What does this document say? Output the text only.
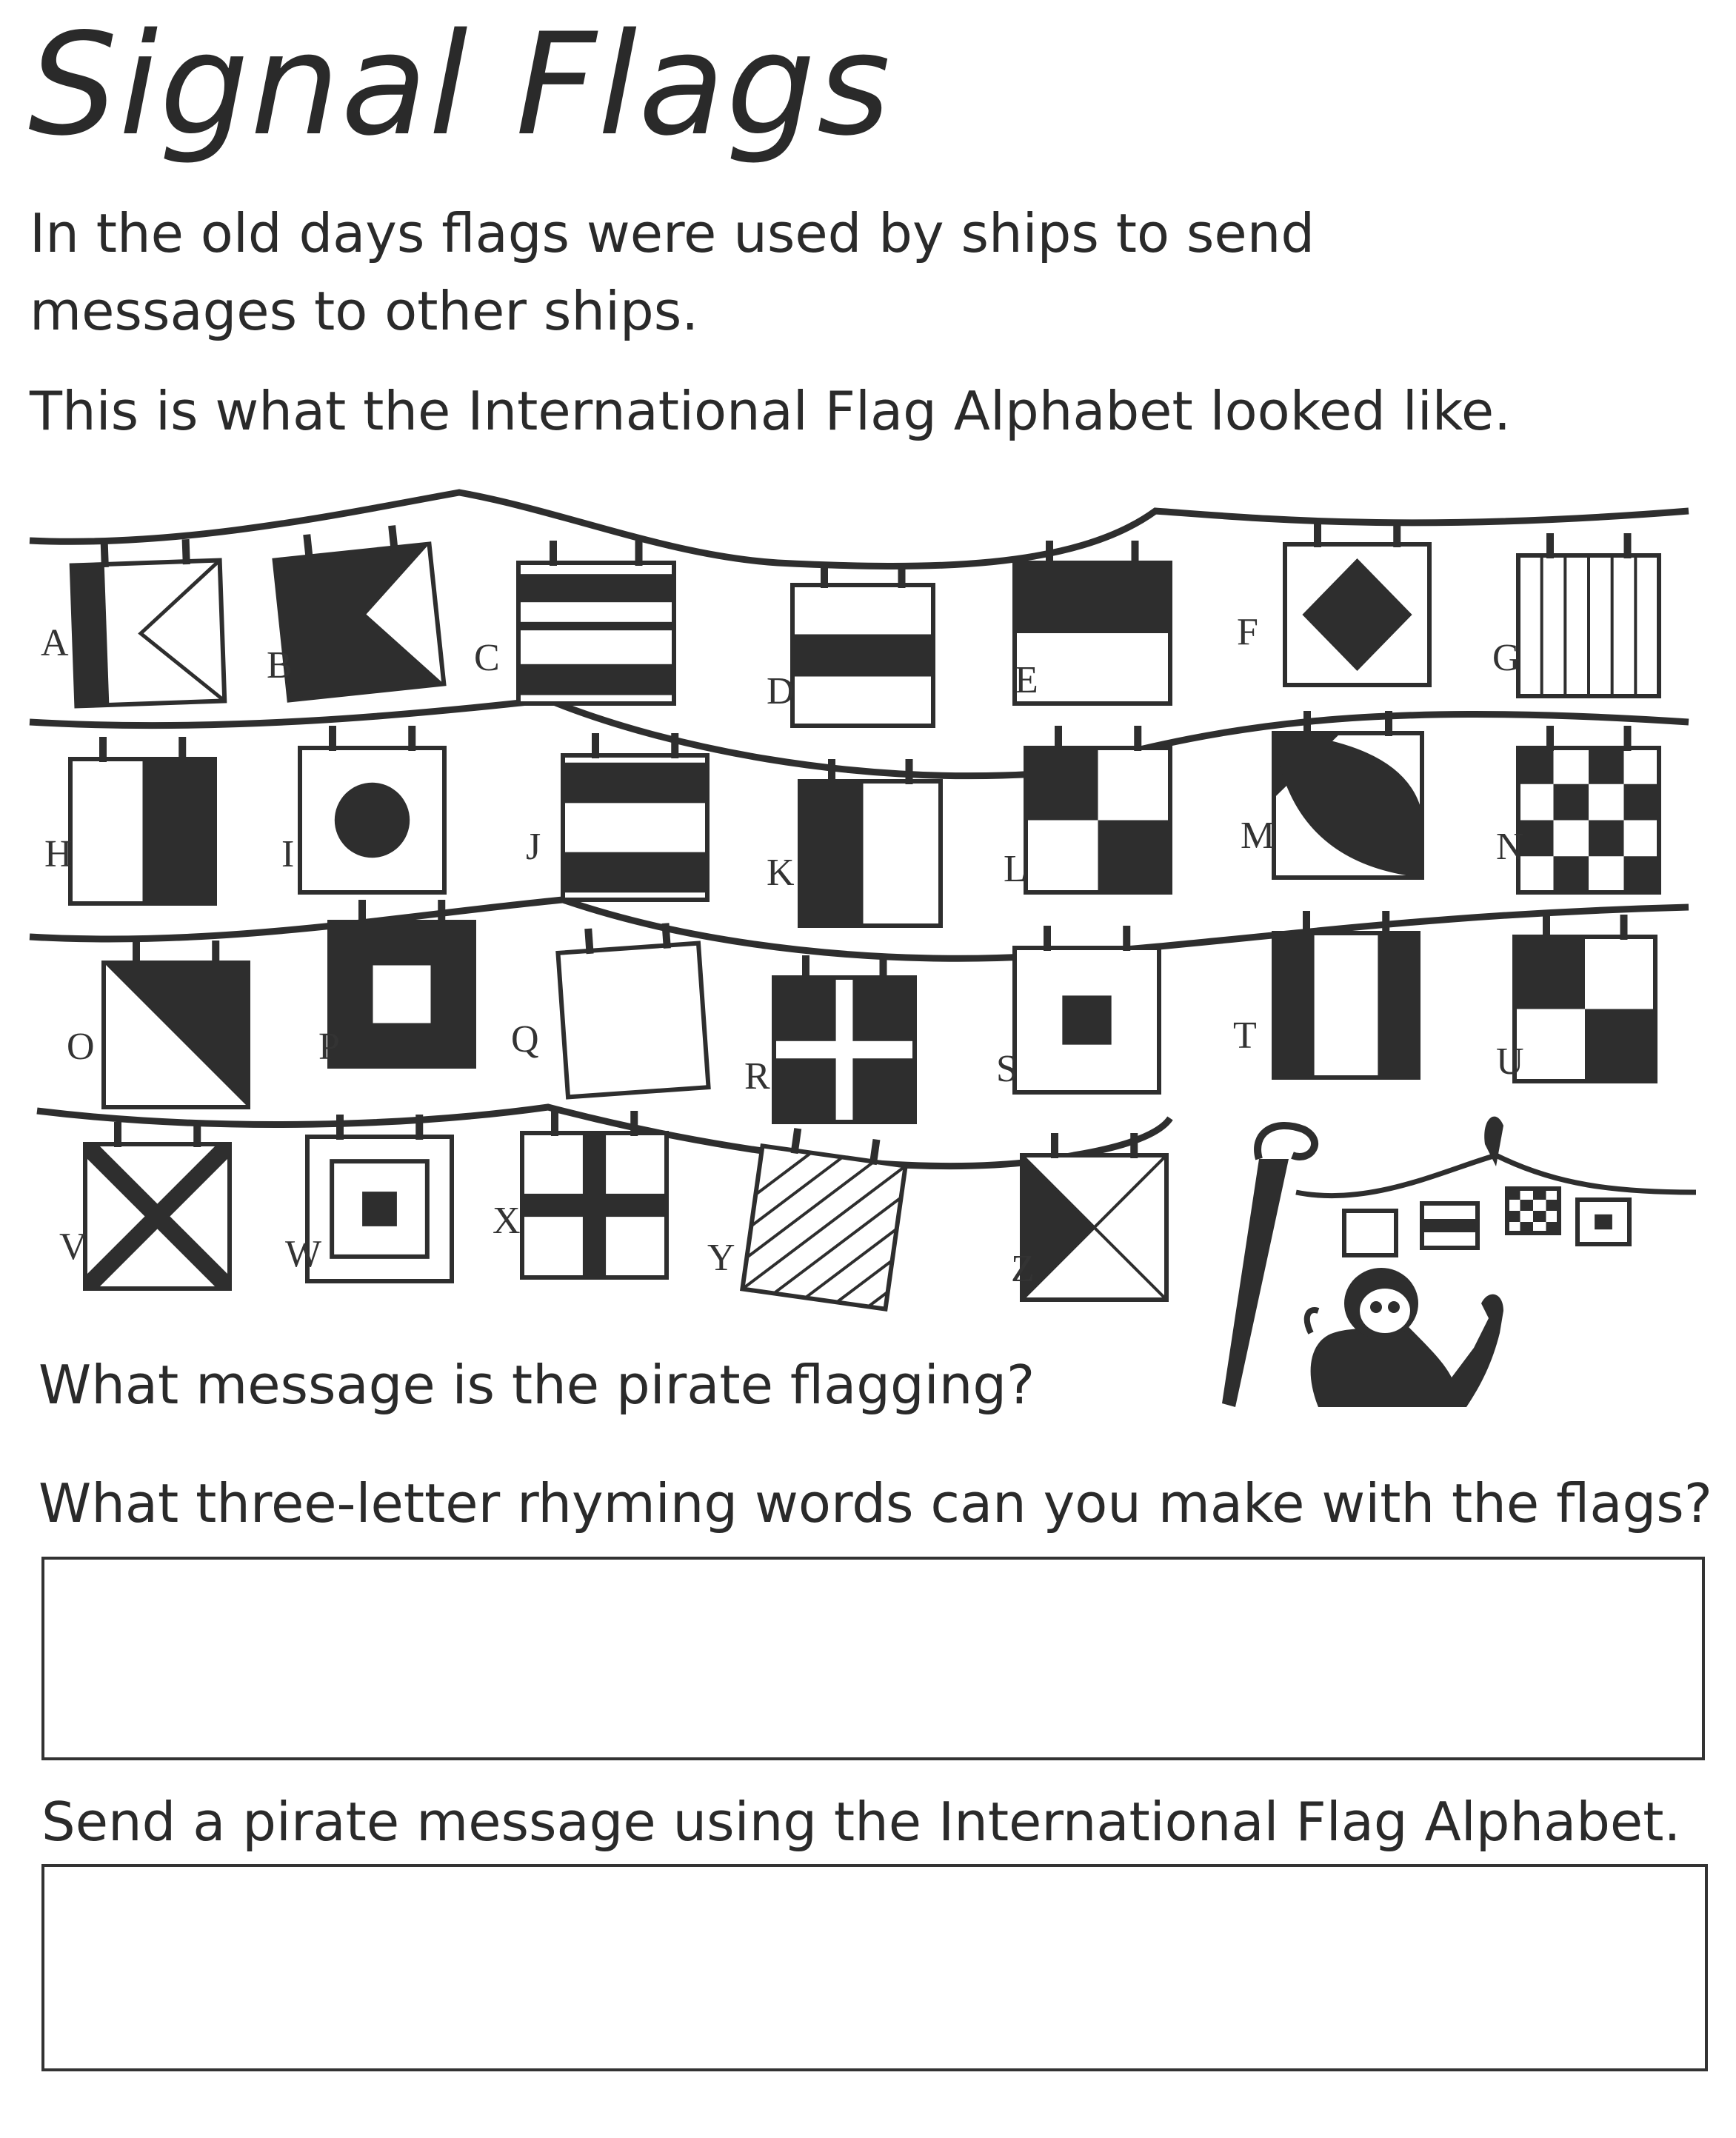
Signal Flags
In the old days flags were used by ships to send
messages to other ships.
This is what the International Flag Alphabet looked like.
A
B	C
D	E
F
G
H	I	J
K	L
M	N
O	P	Q
R	S
T
U
V	W
X
Y	Z
What message is the pirate flagging?
What three-letter rhyming words can you make with the flags?
Send a pirate message using the International Flag Alphabet.
